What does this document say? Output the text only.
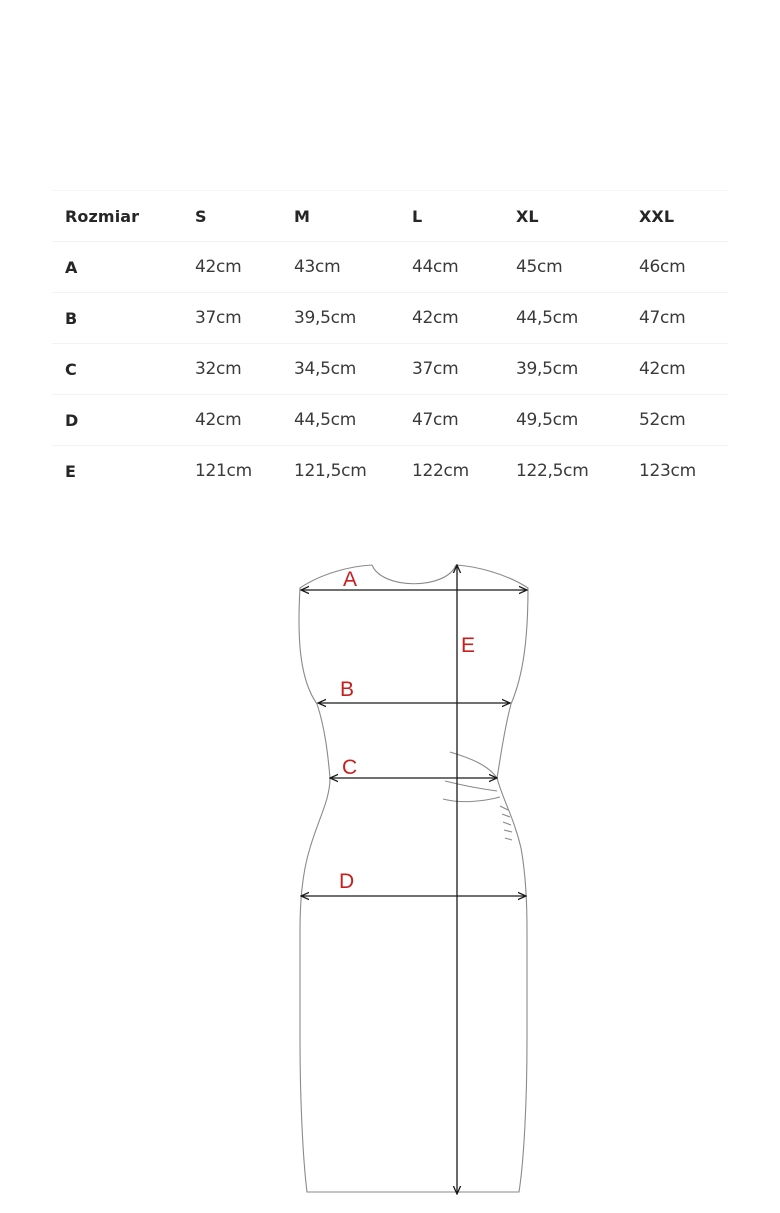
Rozmiar	S	M	L	XL	XXL
A	42cm	43cm	44cm	45cm	46cm
B	37cm	39,5cm	42cm	44,5cm	47cm
C	32cm	34,5cm	37cm	39,5cm	42cm
D	42cm	44,5cm	47cm	49,5cm	52cm
E	121cm	121,5cm	122cm	122,5cm	123cm
A
B
C
D
E
